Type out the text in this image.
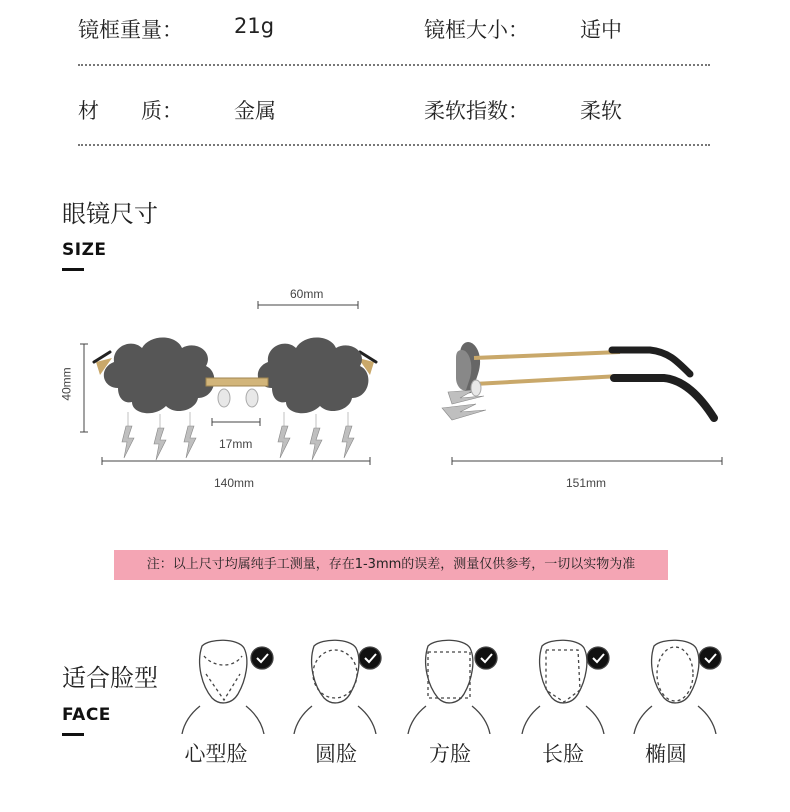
镜框重量： 21g	镜框大小： 适中
材　　质： 金属	柔软指数： 柔软
眼镜尺寸
SIZE
60mm
40mm
17mm
140mm	151mm
注：以上尺寸均属纯手工测量，存在1-3mm的误差，测量仅供参考，一切以实物为准
适合脸型
FACE
心型脸	圆脸	方脸	长脸	椭圆
